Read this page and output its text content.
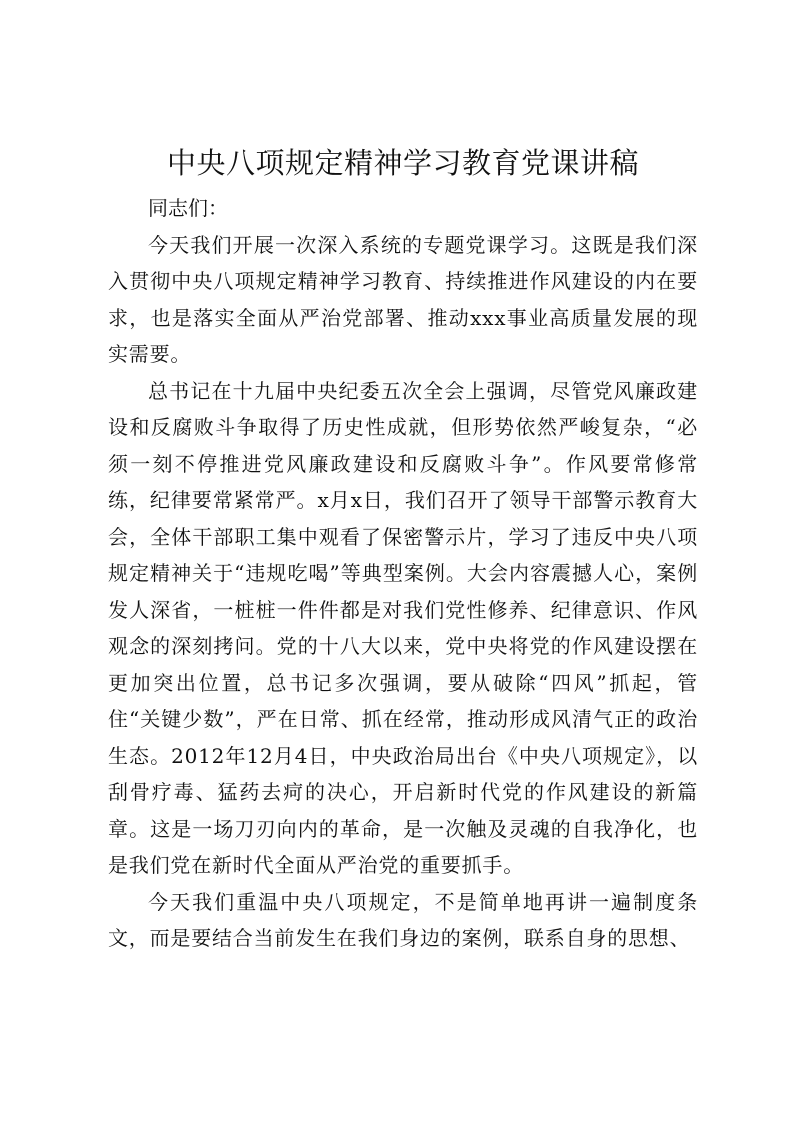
中央八项规定精神学习教育党课讲稿

同志们：

今天我们开展一次深入系统的专题党课学习。这既是我们深入贯彻中央八项规定精神学习教育、持续推进作风建设的内在要求，也是落实全面从严治党部署、推动xxx事业高质量发展的现实需要。

总书记在十九届中央纪委五次全会上强调，尽管党风廉政建设和反腐败斗争取得了历史性成就，但形势依然严峻复杂，“必须一刻不停推进党风廉政建设和反腐败斗争”。作风要常修常练，纪律要常紧常严。x月x日，我们召开了领导干部警示教育大会，全体干部职工集中观看了保密警示片，学习了违反中央八项规定精神关于“违规吃喝”等典型案例。大会内容震撼人心，案例发人深省，一桩桩一件件都是对我们党性修养、纪律意识、作风观念的深刻拷问。党的十八大以来，党中央将党的作风建设摆在更加突出位置，总书记多次强调，要从破除“四风”抓起，管住“关键少数”，严在日常、抓在经常，推动形成风清气正的政治生态。2012年12月4日，中央政治局出台《中央八项规定》，以刮骨疗毒、猛药去疴的决心，开启新时代党的作风建设的新篇章。这是一场刀刃向内的革命，是一次触及灵魂的自我净化，也是我们党在新时代全面从严治党的重要抓手。

今天我们重温中央八项规定，不是简单地再讲一遍制度条文，而是要结合当前发生在我们身边的案例，联系自身的思想、
